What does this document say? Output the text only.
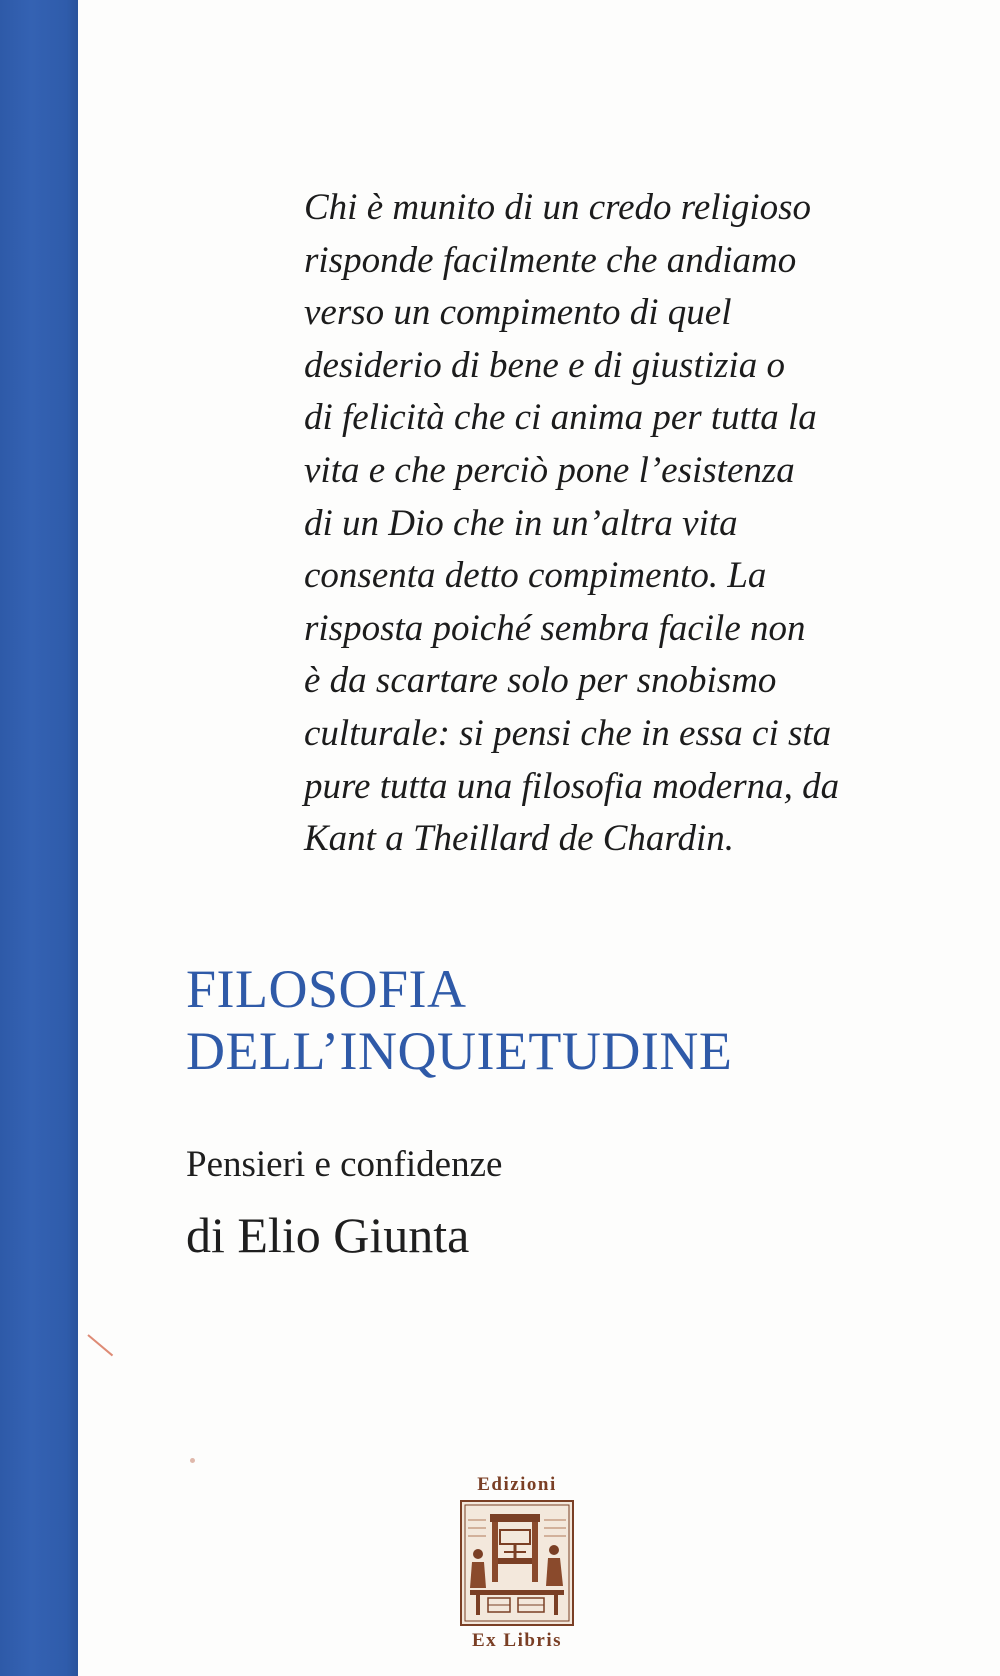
Chi è munito di un credo religioso
risponde facilmente che andiamo
verso un compimento di quel
desiderio di bene e di giustizia o
di felicità che ci anima per tutta la
vita e che perciò pone l’esistenza
di un Dio che in un’altra vita
consenta detto compimento. La
risposta poiché sembra facile non
è da scartare solo per snobismo
culturale: si pensi che in essa ci sta
pure tutta una filosofia moderna, da
Kant a Theillard de Chardin.
FILOSOFIA
DELL’INQUIETUDINE

Pensieri e confidenze

di Elio Giunta

Edizioni
Ex Libris
